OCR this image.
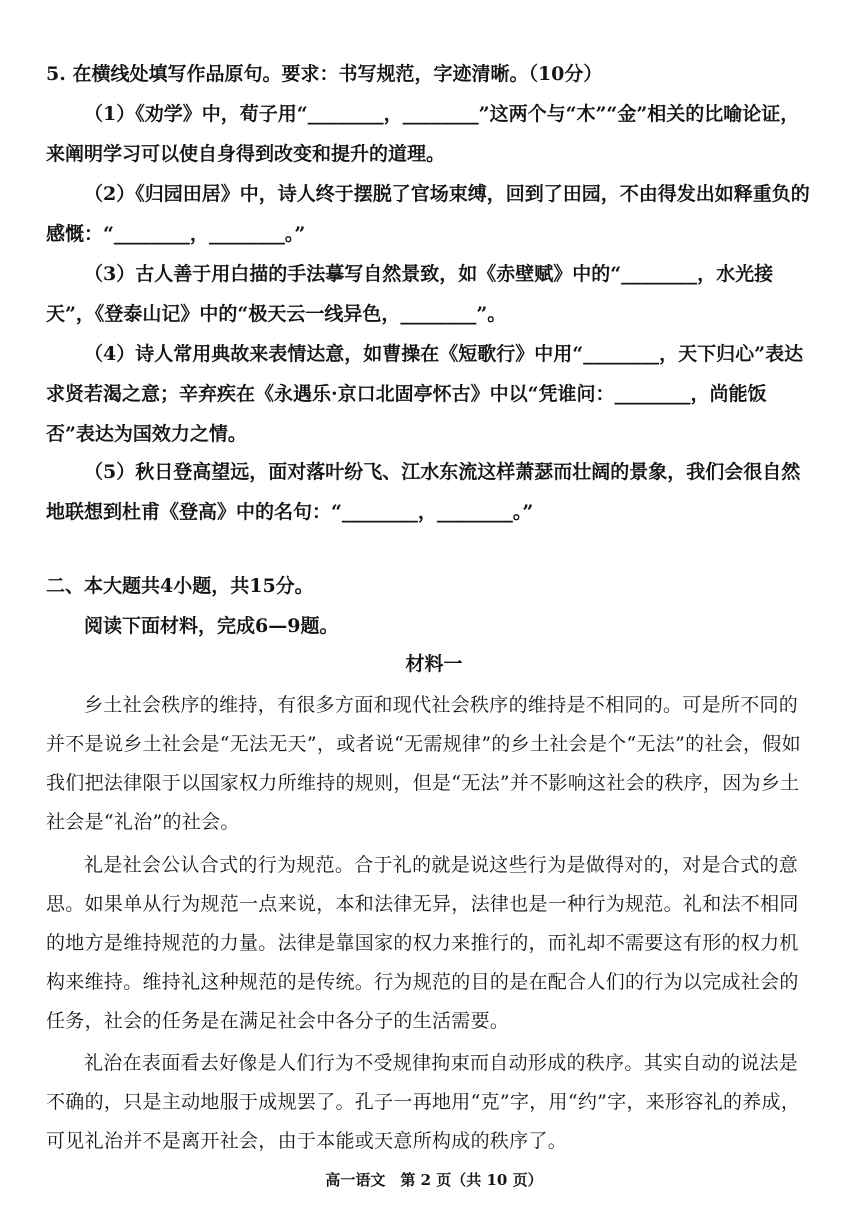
5. 在横线处填写作品原句。要求：书写规范，字迹清晰。（10分）

（1）《劝学》中，荀子用“________，________”这两个与“木”“金”相关的比喻论证，来阐明学习可以使自身得到改变和提升的道理。

（2）《归园田居》中，诗人终于摆脱了官场束缚，回到了田园，不由得发出如释重负的感慨：“________，________。”

（3）古人善于用白描的手法摹写自然景致，如《赤壁赋》中的“________，水光接天”，《登泰山记》中的“极天云一线异色，________”。

（4）诗人常用典故来表情达意，如曹操在《短歌行》中用“________，天下归心”表达求贤若渴之意；辛弃疾在《永遇乐·京口北固亭怀古》中以“凭谁问：________，尚能饭否”表达为国效力之情。

（5）秋日登高望远，面对落叶纷飞、江水东流这样萧瑟而壮阔的景象，我们会很自然地联想到杜甫《登高》中的名句：“________，________。”

二、本大题共4小题，共15分。

阅读下面材料，完成6—9题。

材料一

乡土社会秩序的维持，有很多方面和现代社会秩序的维持是不相同的。可是所不同的并不是说乡土社会是“无法无天”，或者说“无需规律”的乡土社会是个“无法”的社会，假如我们把法律限于以国家权力所维持的规则，但是“无法”并不影响这社会的秩序，因为乡土社会是“礼治”的社会。

礼是社会公认合式的行为规范。合于礼的就是说这些行为是做得对的，对是合式的意思。如果单从行为规范一点来说，本和法律无异，法律也是一种行为规范。礼和法不相同的地方是维持规范的力量。法律是靠国家的权力来推行的，而礼却不需要这有形的权力机构来维持。维持礼这种规范的是传统。行为规范的目的是在配合人们的行为以完成社会的任务，社会的任务是在满足社会中各分子的生活需要。

礼治在表面看去好像是人们行为不受规律拘束而自动形成的秩序。其实自动的说法是不确的，只是主动地服于成规罢了。孔子一再地用“克”字，用“约”字，来形容礼的养成，可见礼治并不是离开社会，由于本能或天意所构成的秩序了。

高一语文　第 2 页（共 10 页）
